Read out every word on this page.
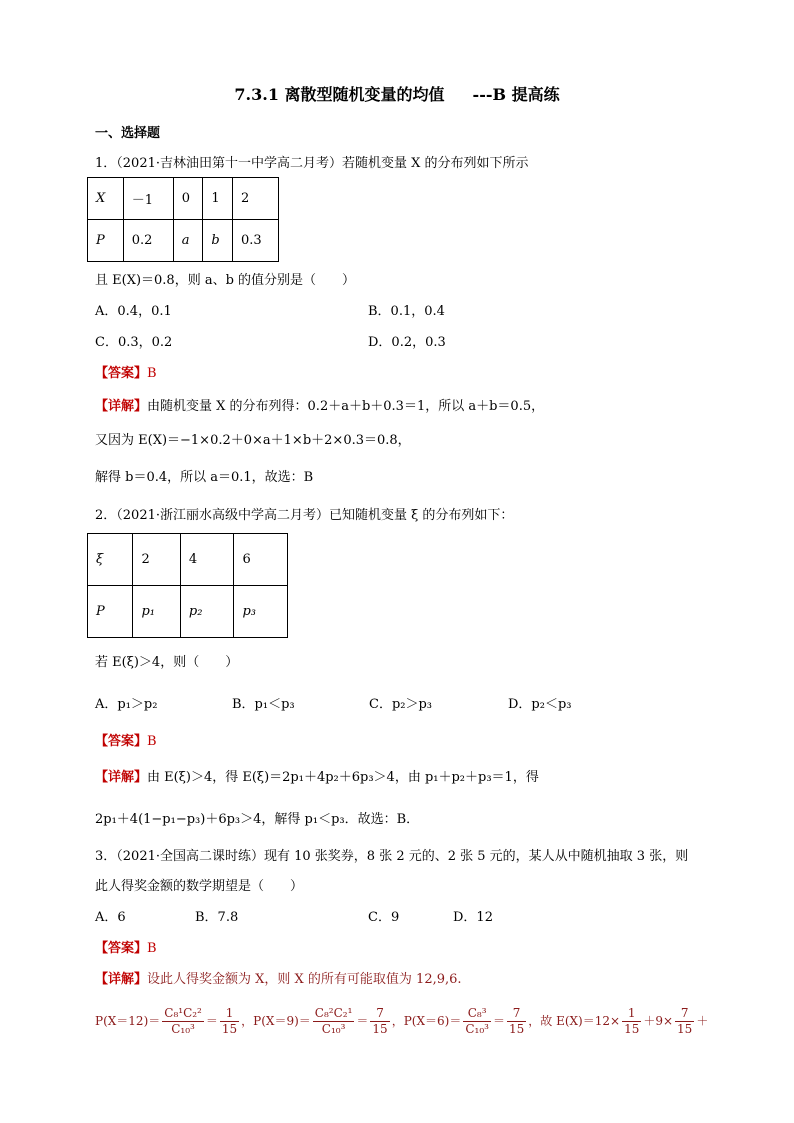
7.3.1 离散型随机变量的均值 ---B 提高练
一、选择题
1．（2021·吉林油田第十一中学高二月考）若随机变量 X 的分布列如下所示
X	－1	0	1	2
P	0.2	a	b	0.3
且 E(X)＝0.8，则 a、b 的值分别是（　　）
A．0.4，0.1	B．0.1，0.4
C．0.3，0.2	D．0.2，0.3
【答案】B
【详解】由随机变量 X 的分布列得：0.2＋a＋b＋0.3＝1，所以 a＋b＝0.5，
又因为 E(X)＝−1×0.2＋0×a＋1×b＋2×0.3＝0.8，
解得 b＝0.4，所以 a＝0.1，故选：B
2．（2021·浙江丽水高级中学高二月考）已知随机变量 ξ 的分布列如下：
ξ	2	4	6
P	p₁	p₂	p₃
若 E(ξ)＞4，则（　　）
A．p₁＞p₂	B．p₁＜p₃	C．p₂＞p₃	D．p₂＜p₃
【答案】B
【详解】由 E(ξ)＞4，得 E(ξ)＝2p₁＋4p₂＋6p₃＞4，由 p₁＋p₂＋p₃＝1，得
2p₁＋4(1−p₁−p₃)＋6p₃＞4，解得 p₁＜p₃．故选：B．
3．（2021·全国高二课时练）现有 10 张奖券，8 张 2 元的、2 张 5 元的，某人从中随机抽取 3 张，则
此人得奖金额的数学期望是（　　）
A．6	B．7.8	C．9	D．12
【答案】B
【详解】设此人得奖金额为 X，则 X 的所有可能取值为 12,9,6.
$P(X=12)= \frac{\text{C₈¹C₂²}}{\text{C₁₀³}} = \frac{1}{15}$ ，$P(X=9)= \frac{\text{C₈²C₂¹}}{\text{C₁₀³}} = \frac{7}{15}$ ，$P(X=6)= \frac{\text{C₈³}}{\text{C₁₀³}} = \frac{7}{15}$ ，故 $E(X)=12\times \frac{1}{15} +9\times \frac{7}{15}$ ＋
